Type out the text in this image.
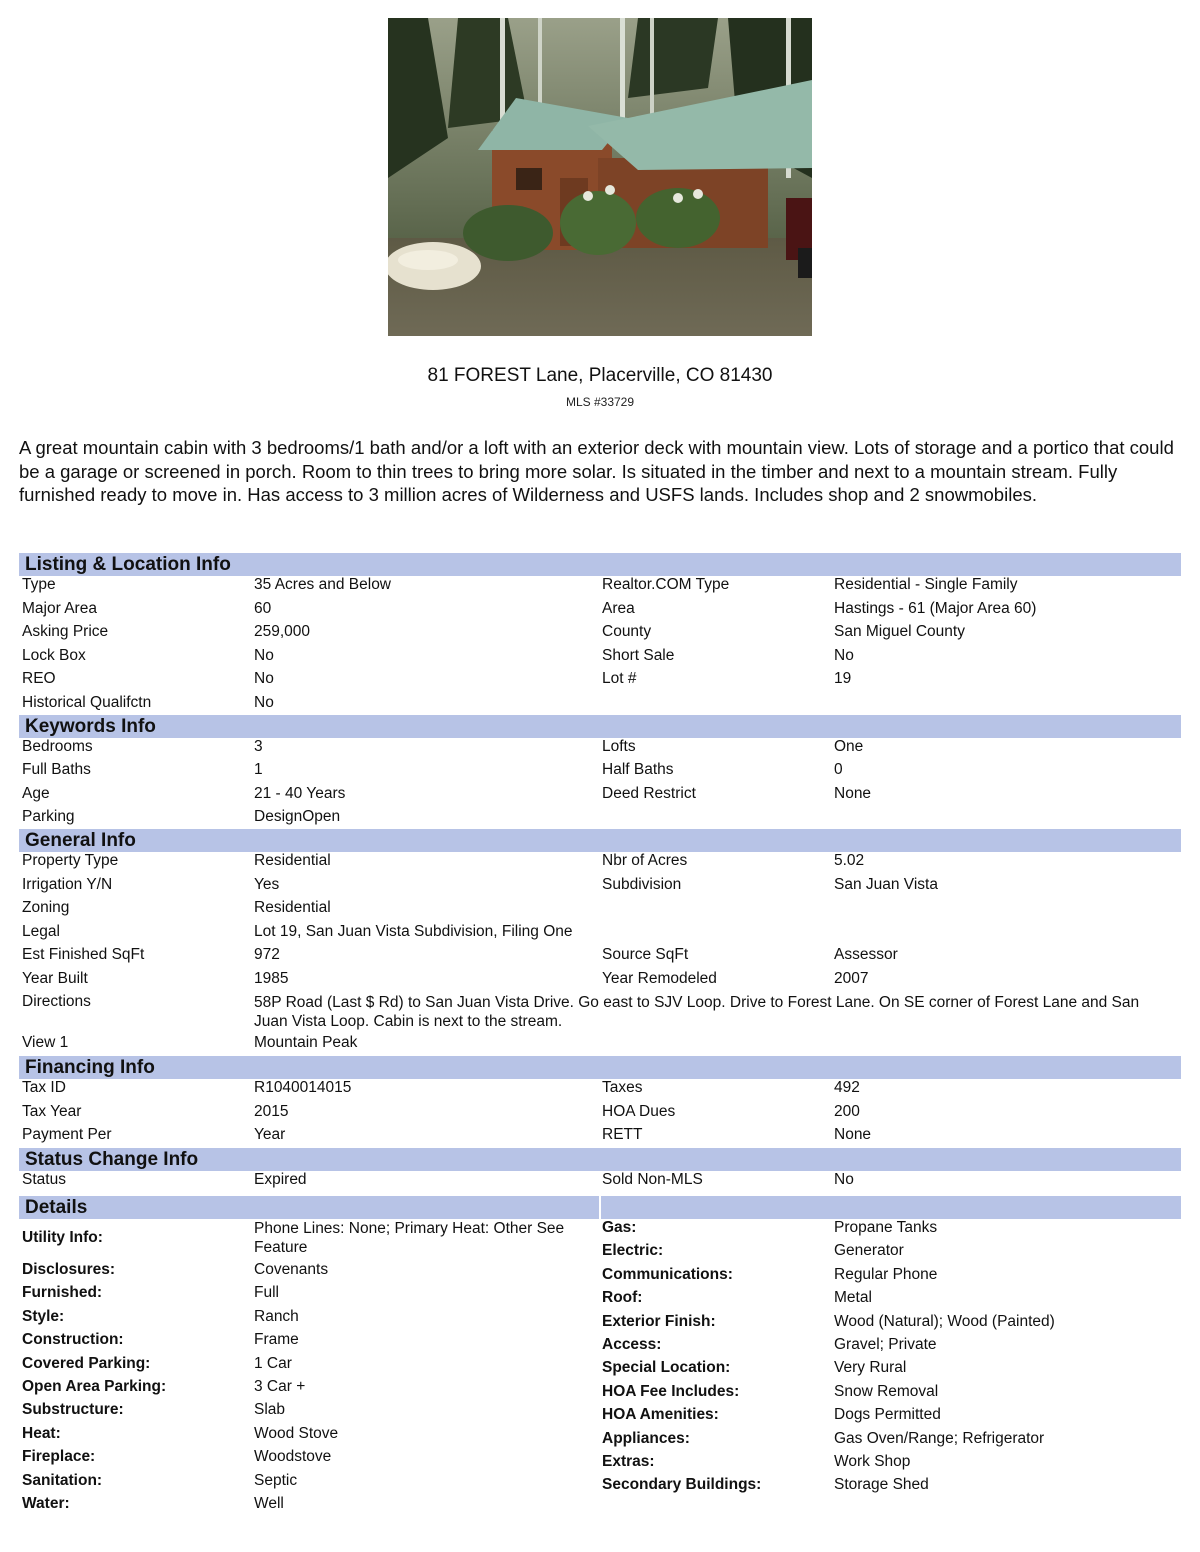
81 FOREST Lane, Placerville, CO 81430
MLS #33729
A great mountain cabin with 3 bedrooms/1 bath and/or a loft with an exterior deck with mountain view. Lots of storage and a portico that could be a garage or screened in porch. Room to thin trees to bring more solar. Is situated in the timber and next to a mountain stream. Fully furnished ready to move in. Has access to 3 million acres of Wilderness and USFS lands. Includes shop and 2 snowmobiles.
Listing & Location Info
Type	35 Acres and Below	Realtor.COM Type	Residential - Single Family
Major Area	60	Area	Hastings - 61 (Major Area 60)
Asking Price	259,000	County	San Miguel County
Lock Box	No	Short Sale	No
REO	No	Lot #	19
Historical Qualifctn	No
Keywords Info
Bedrooms	3	Lofts	One
Full Baths	1	Half Baths	0
Age	21 - 40 Years	Deed Restrict	None
Parking	DesignOpen
General Info
Property Type	Residential	Nbr of Acres	5.02
Irrigation Y/N	Yes	Subdivision	San Juan Vista
Zoning	Residential
Legal	Lot 19, San Juan Vista Subdivision, Filing One
Est Finished SqFt	972	Source SqFt	Assessor
Year Built	1985	Year Remodeled	2007
Directions	58P Road (Last $ Rd) to San Juan Vista Drive. Go east to SJV Loop. Drive to Forest Lane. On SE corner of Forest Lane and San Juan Vista Loop. Cabin is next to the stream.
View 1	Mountain Peak
Financing Info
Tax ID	R1040014015	Taxes	492
Tax Year	2015	HOA Dues	200
Payment Per	Year	RETT	None
Status Change Info
Status	Expired	Sold Non-MLS	No
Details
Utility Info:
Phone Lines: None; Primary Heat: Other See Feature
Disclosures:	Covenants
Furnished:	Full
Style:	Ranch
Construction:	Frame
Covered Parking:	1 Car
Open Area Parking:	3 Car +
Substructure:	Slab
Heat:	Wood Stove
Fireplace:	Woodstove
Sanitation:	Septic
Water:	Well
Gas:	Propane Tanks
Electric:	Generator
Communications:	Regular Phone
Roof:	Metal
Exterior Finish:	Wood (Natural); Wood (Painted)
Access:	Gravel; Private
Special Location:	Very Rural
HOA Fee Includes:	Snow Removal
HOA Amenities:	Dogs Permitted
Appliances:	Gas Oven/Range; Refrigerator
Extras:	Work Shop
Secondary Buildings:	Storage Shed
